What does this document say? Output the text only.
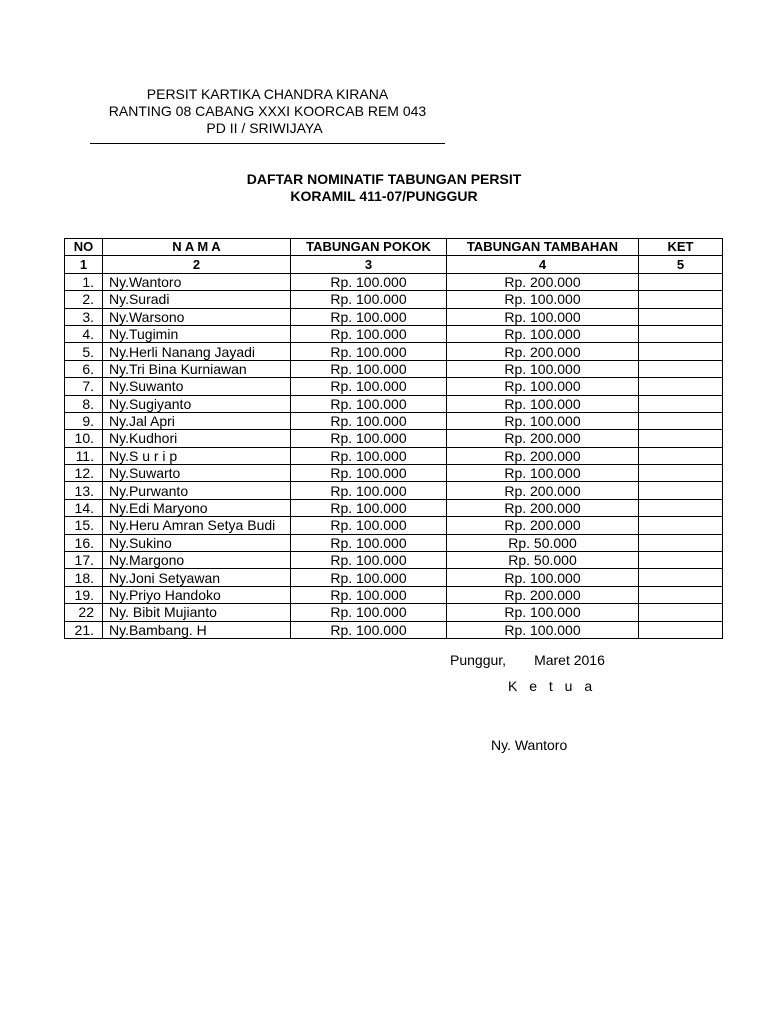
PERSIT KARTIKA CHANDRA KIRANA
RANTING 08 CABANG XXXI KOORCAB REM 043
PD II / SRIWIJAYA
DAFTAR NOMINATIF TABUNGAN PERSIT
KORAMIL 411-07/PUNGGUR
NO	N A M A	TABUNGAN POKOK	TABUNGAN TAMBAHAN	KET
1	2	3	4	5
1.	Ny.Wantoro	Rp. 100.000	Rp. 200.000	
2.	Ny.Suradi	Rp. 100.000	Rp. 100.000	
3.	Ny.Warsono	Rp. 100.000	Rp. 100.000	
4.	Ny.Tugimin	Rp. 100.000	Rp. 100.000	
5.	Ny.Herli Nanang Jayadi	Rp. 100.000	Rp. 200.000	
6.	Ny.Tri Bina Kurniawan	Rp. 100.000	Rp. 100.000	
7.	Ny.Suwanto	Rp. 100.000	Rp. 100.000	
8.	Ny.Sugiyanto	Rp. 100.000	Rp. 100.000	
9.	Ny.Jal Apri	Rp. 100.000	Rp. 100.000	
10.	Ny.Kudhori	Rp. 100.000	Rp. 200.000	
11.	Ny.S u r i p	Rp. 100.000	Rp. 200.000	
12.	Ny.Suwarto	Rp. 100.000	Rp. 100.000	
13.	Ny.Purwanto	Rp. 100.000	Rp. 200.000	
14.	Ny.Edi Maryono	Rp. 100.000	Rp. 200.000	
15.	Ny.Heru Amran Setya Budi	Rp. 100.000	Rp. 200.000	
16.	Ny.Sukino	Rp. 100.000	Rp. 50.000	
17.	Ny.Margono	Rp. 100.000	Rp. 50.000	
18.	Ny.Joni Setyawan	Rp. 100.000	Rp. 100.000	
19.	Ny.Priyo Handoko	Rp. 100.000	Rp. 200.000	
22	Ny. Bibit Mujianto	Rp. 100.000	Rp. 100.000	
21.	Ny.Bambang. H	Rp. 100.000	Rp. 100.000	
Punggur, Maret 2016
K e t u a
Ny. Wantoro
